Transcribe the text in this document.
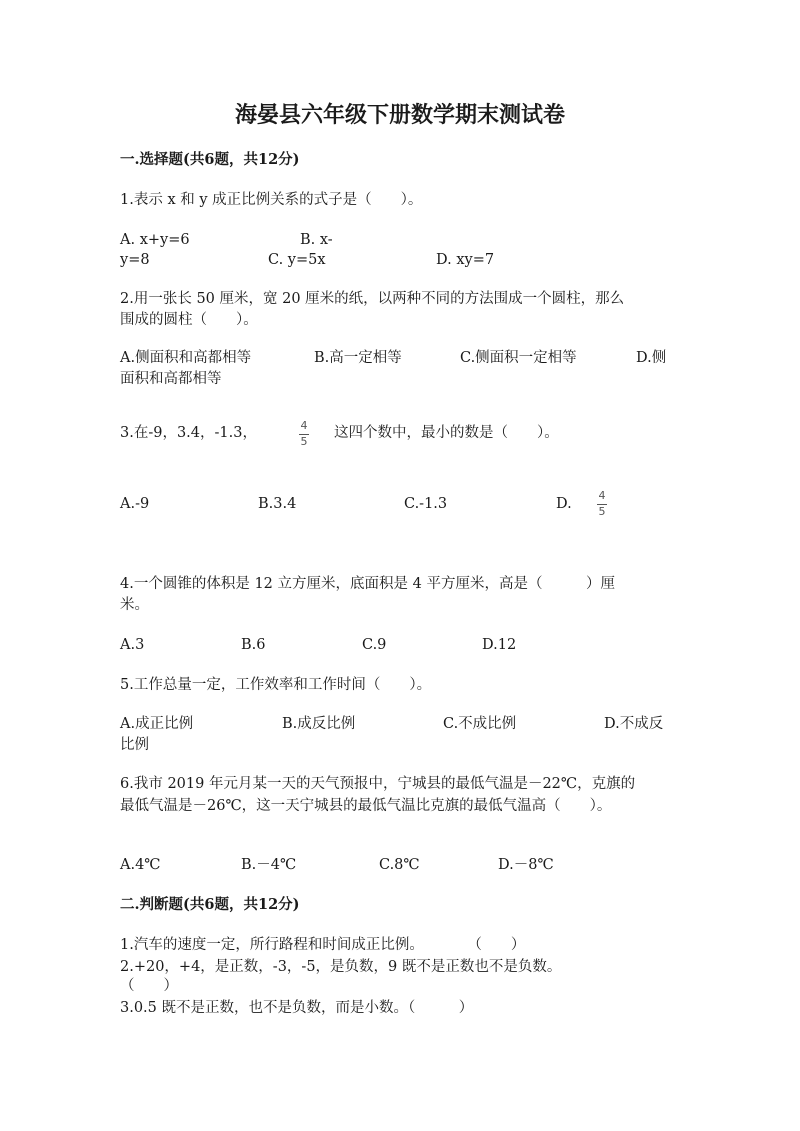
海晏县六年级下册数学期末测试卷
一.选择题(共6题，共12分)
1.表示 x 和 y 成正比例关系的式子是（　　）。
A. x+y=6	B. x-
y=8	C. y=5x	D. xy=7
2.用一张长 50 厘米，宽 20 厘米的纸，以两种不同的方法围成一个圆柱，那么
围成的圆柱（　　）。
A.侧面积和高都相等	B.高一定相等	C.侧面积一定相等	D.侧
面积和高都相等
3.在-9，3.4，-1.3，	4
5
这四个数中，最小的数是（　　）。
A.-9	B.3.4	C.-1.3	D.
4
5
4.一个圆锥的体积是 12 立方厘米，底面积是 4 平方厘米，高是（　　　）厘
米。
A.3	B.6	C.9	D.12
5.工作总量一定，工作效率和工作时间（　　）。
A.成正比例	B.成反比例	C.不成比例	D.不成反
比例
6.我市 2019 年元月某一天的天气预报中，宁城县的最低气温是－22℃，克旗的
最低气温是－26℃，这一天宁城县的最低气温比克旗的最低气温高（　　）。
A.4℃	B.－4℃	C.8℃	D.－8℃
二.判断题(共6题，共12分)
1.汽车的速度一定，所行路程和时间成正比例。　　　　（　　）
2.+20，+4，是正数，-3，-5，是负数，9 既不是正数也不是负数。
（　　）
3.0.5 既不是正数，也不是负数，而是小数。（　　　）
